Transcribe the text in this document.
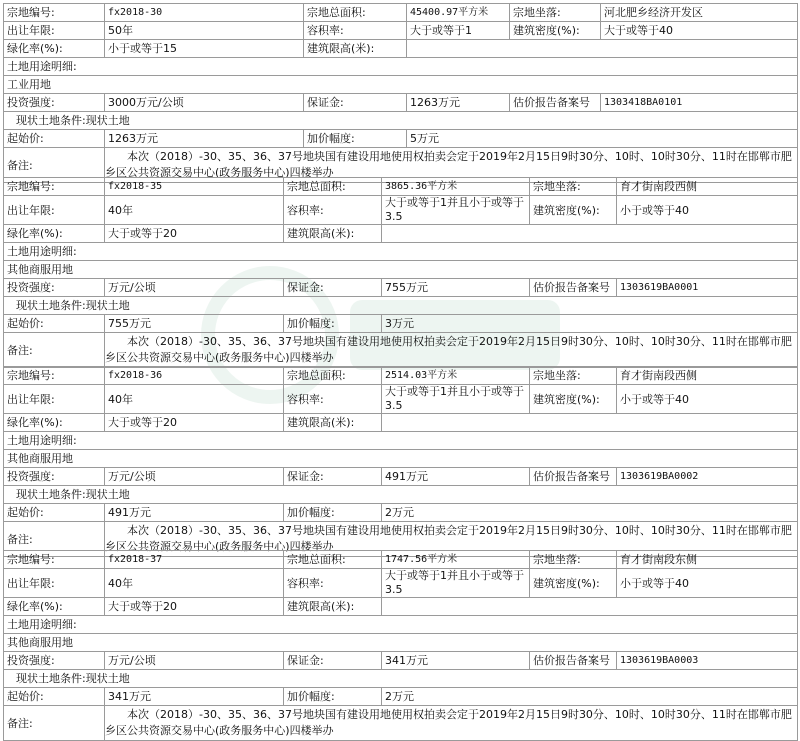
宗地编号:	fx2018-30	宗地总面积:	45400.97平方米	宗地坐落:	河北肥乡经济开发区
出让年限:	50年	容积率:	大于或等于1	建筑密度(%):	大于或等于40
绿化率(%):	小于或等于15	建筑限高(米):			
土地用途明细:					
工业用地					
投资强度:	3000万元/公顷	保证金:	1263万元	估价报告备案号	1303418BA0101
现状土地条件:现状土地					
起始价:	1263万元	加价幅度:	5万元		
备注:	本次（2018）-30、35、36、37号地块国有建设用地使用权拍卖会定于2019年2月15日9时30分、10时、10时30分、11时在邯郸市肥乡区公共资源交易中心(政务服务中心)四楼举办				
宗地编号:	fx2018-35	宗地总面积:	3865.36平方米	宗地坐落:	育才街南段西侧
出让年限:	40年	容积率:	大于或等于1并且小于或等于3.5	建筑密度(%):	小于或等于40
绿化率(%):	大于或等于20	建筑限高(米):			
土地用途明细:					
其他商服用地					
投资强度:	万元/公顷	保证金:	755万元	估价报告备案号	1303619BA0001
现状土地条件:现状土地					
起始价:	755万元	加价幅度:	3万元		
备注:	本次（2018）-30、35、36、37号地块国有建设用地使用权拍卖会定于2019年2月15日9时30分、10时、10时30分、11时在邯郸市肥乡区公共资源交易中心(政务服务中心)四楼举办				
宗地编号:	fx2018-36	宗地总面积:	2514.03平方米	宗地坐落:	育才街南段西侧
出让年限:	40年	容积率:	大于或等于1并且小于或等于3.5	建筑密度(%):	小于或等于40
绿化率(%):	大于或等于20	建筑限高(米):			
土地用途明细:					
其他商服用地					
投资强度:	万元/公顷	保证金:	491万元	估价报告备案号	1303619BA0002
现状土地条件:现状土地					
起始价:	491万元	加价幅度:	2万元		
备注:	本次（2018）-30、35、36、37号地块国有建设用地使用权拍卖会定于2019年2月15日9时30分、10时、10时30分、11时在邯郸市肥乡区公共资源交易中心(政务服务中心)四楼举办				
宗地编号:	fx2018-37	宗地总面积:	1747.56平方米	宗地坐落:	育才街南段东侧
出让年限:	40年	容积率:	大于或等于1并且小于或等于3.5	建筑密度(%):	小于或等于40
绿化率(%):	大于或等于20	建筑限高(米):			
土地用途明细:					
其他商服用地					
投资强度:	万元/公顷	保证金:	341万元	估价报告备案号	1303619BA0003
现状土地条件:现状土地					
起始价:	341万元	加价幅度:	2万元		
备注:	本次（2018）-30、35、36、37号地块国有建设用地使用权拍卖会定于2019年2月15日9时30分、10时、10时30分、11时在邯郸市肥乡区公共资源交易中心(政务服务中心)四楼举办				
